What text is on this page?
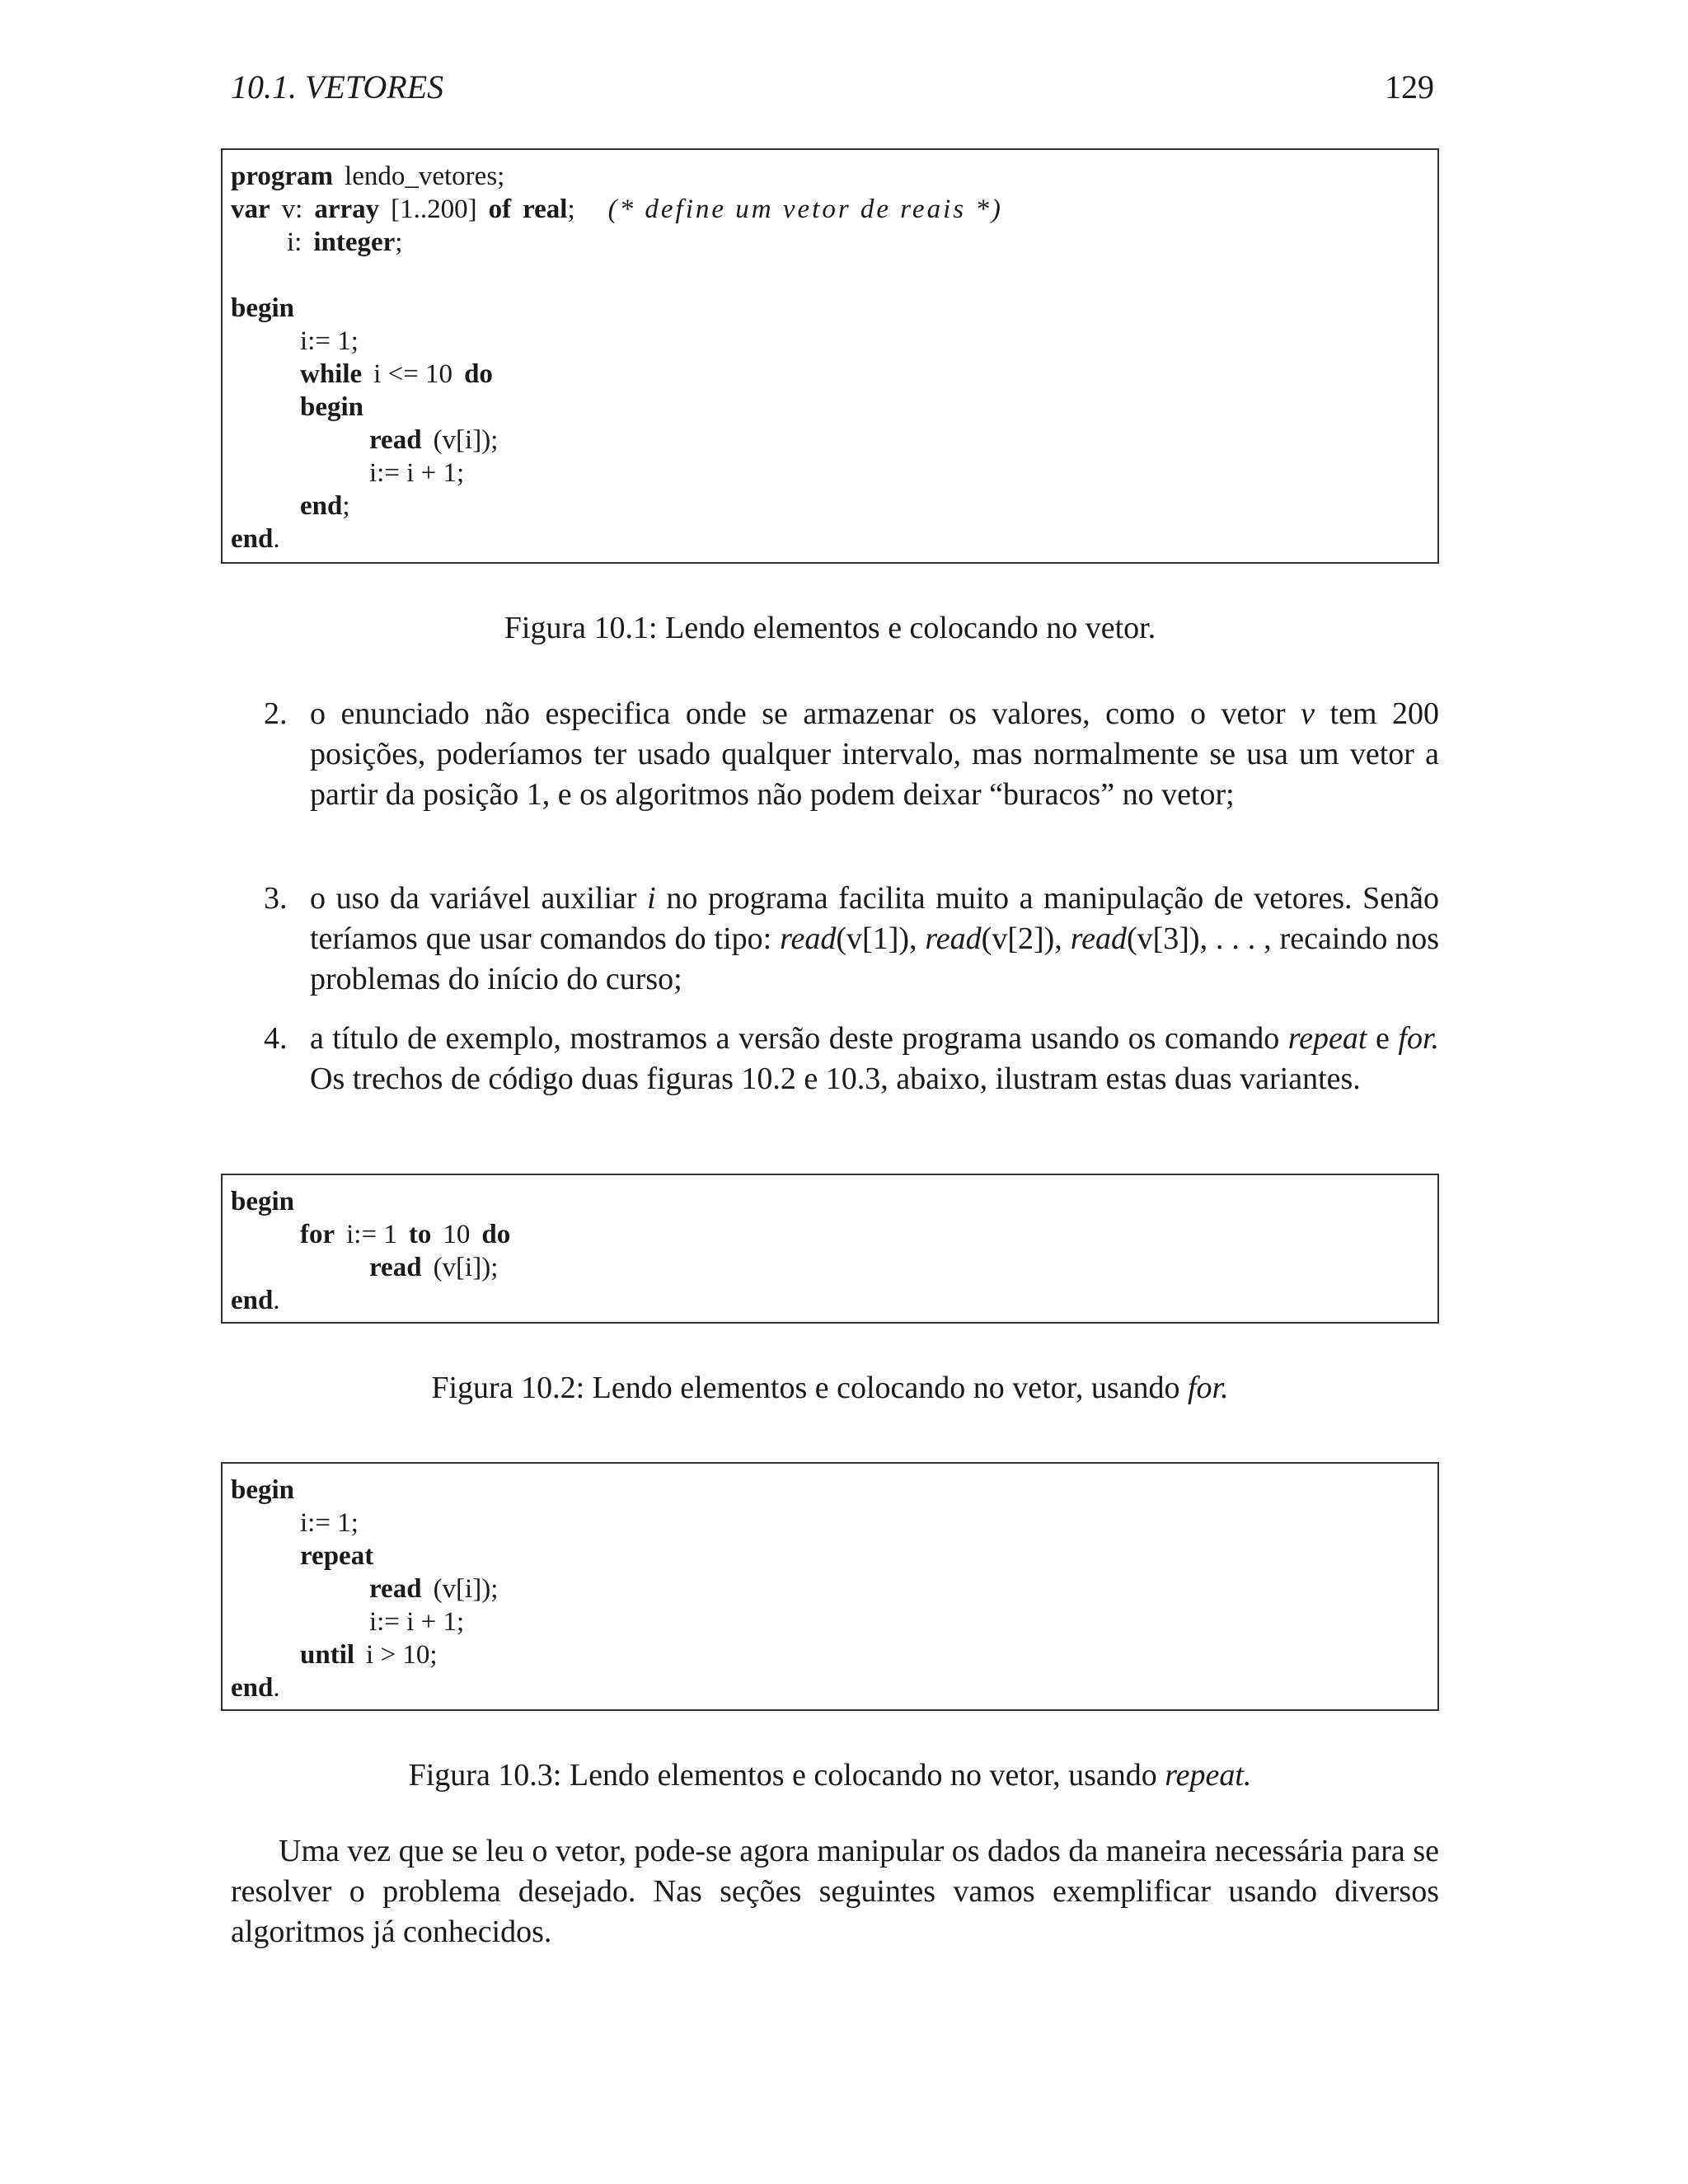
10.1. VETORES	129
program lendo_vetores;
var v: array [1..200] of real; (* define um vetor de reais *)
i: integer;
begin
i:= 1;
while i <= 10 do
begin
read (v[i]);
i:= i + 1;
end;
end.
Figura 10.1: Lendo elementos e colocando no vetor.
2. o enunciado não especifica onde se armazenar os valores, como o vetor v tem 200 posições, poderíamos ter usado qualquer intervalo, mas normalmente se usa um vetor a partir da posição 1, e os algoritmos não podem deixar “buracos” no vetor;
3. o uso da variável auxiliar i no programa facilita muito a manipulação de vetores. Senão teríamos que usar comandos do tipo: read(v[1]), read(v[2]), read(v[3]), . . . , recaindo nos problemas do início do curso;
4. a título de exemplo, mostramos a versão deste programa usando os comando repeat e for. Os trechos de código duas figuras 10.2 e 10.3, abaixo, ilustram estas duas variantes.
begin
for i:= 1 to 10 do
read (v[i]);
end.
Figura 10.2: Lendo elementos e colocando no vetor, usando for.
begin
i:= 1;
repeat
read (v[i]);
i:= i + 1;
until i > 10;
end.
Figura 10.3: Lendo elementos e colocando no vetor, usando repeat.
Uma vez que se leu o vetor, pode-se agora manipular os dados da maneira necessária para se resolver o problema desejado. Nas seções seguintes vamos exemplificar usando diversos algoritmos já conhecidos.
